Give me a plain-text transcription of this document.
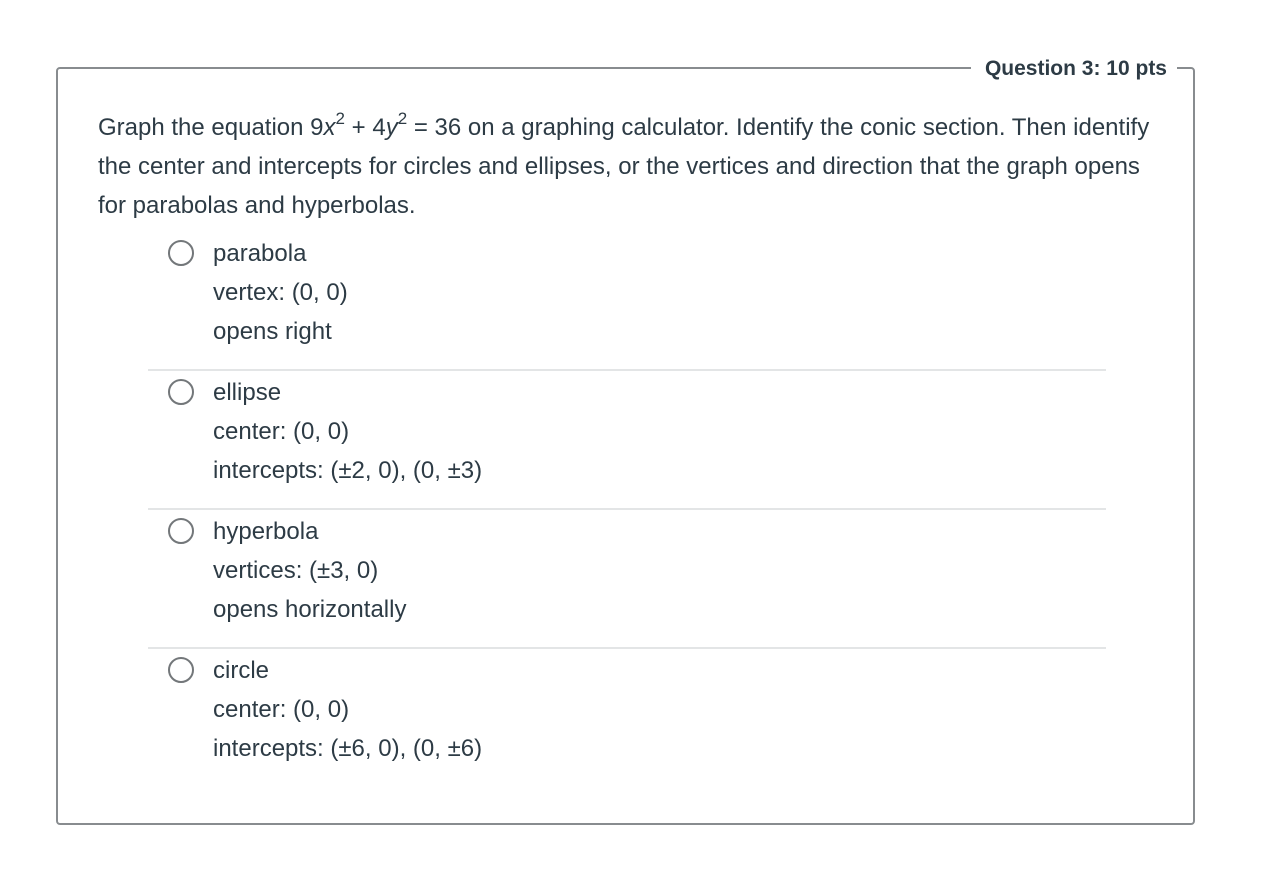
Question 3: 10 pts
Graph the equation $9x^2 + 4y^2 = 36$ on a graphing calculator. Identify the conic section. Then identify the center and intercepts for circles and ellipses, or the vertices and direction that the graph opens for parabolas and hyperbolas.
parabola
vertex: (0, 0)
opens right
ellipse
center: (0, 0)
intercepts: (±2, 0), (0, ±3)
hyperbola
vertices: (±3, 0)
opens horizontally
circle
center: (0, 0)
intercepts: (±6, 0), (0, ±6)
